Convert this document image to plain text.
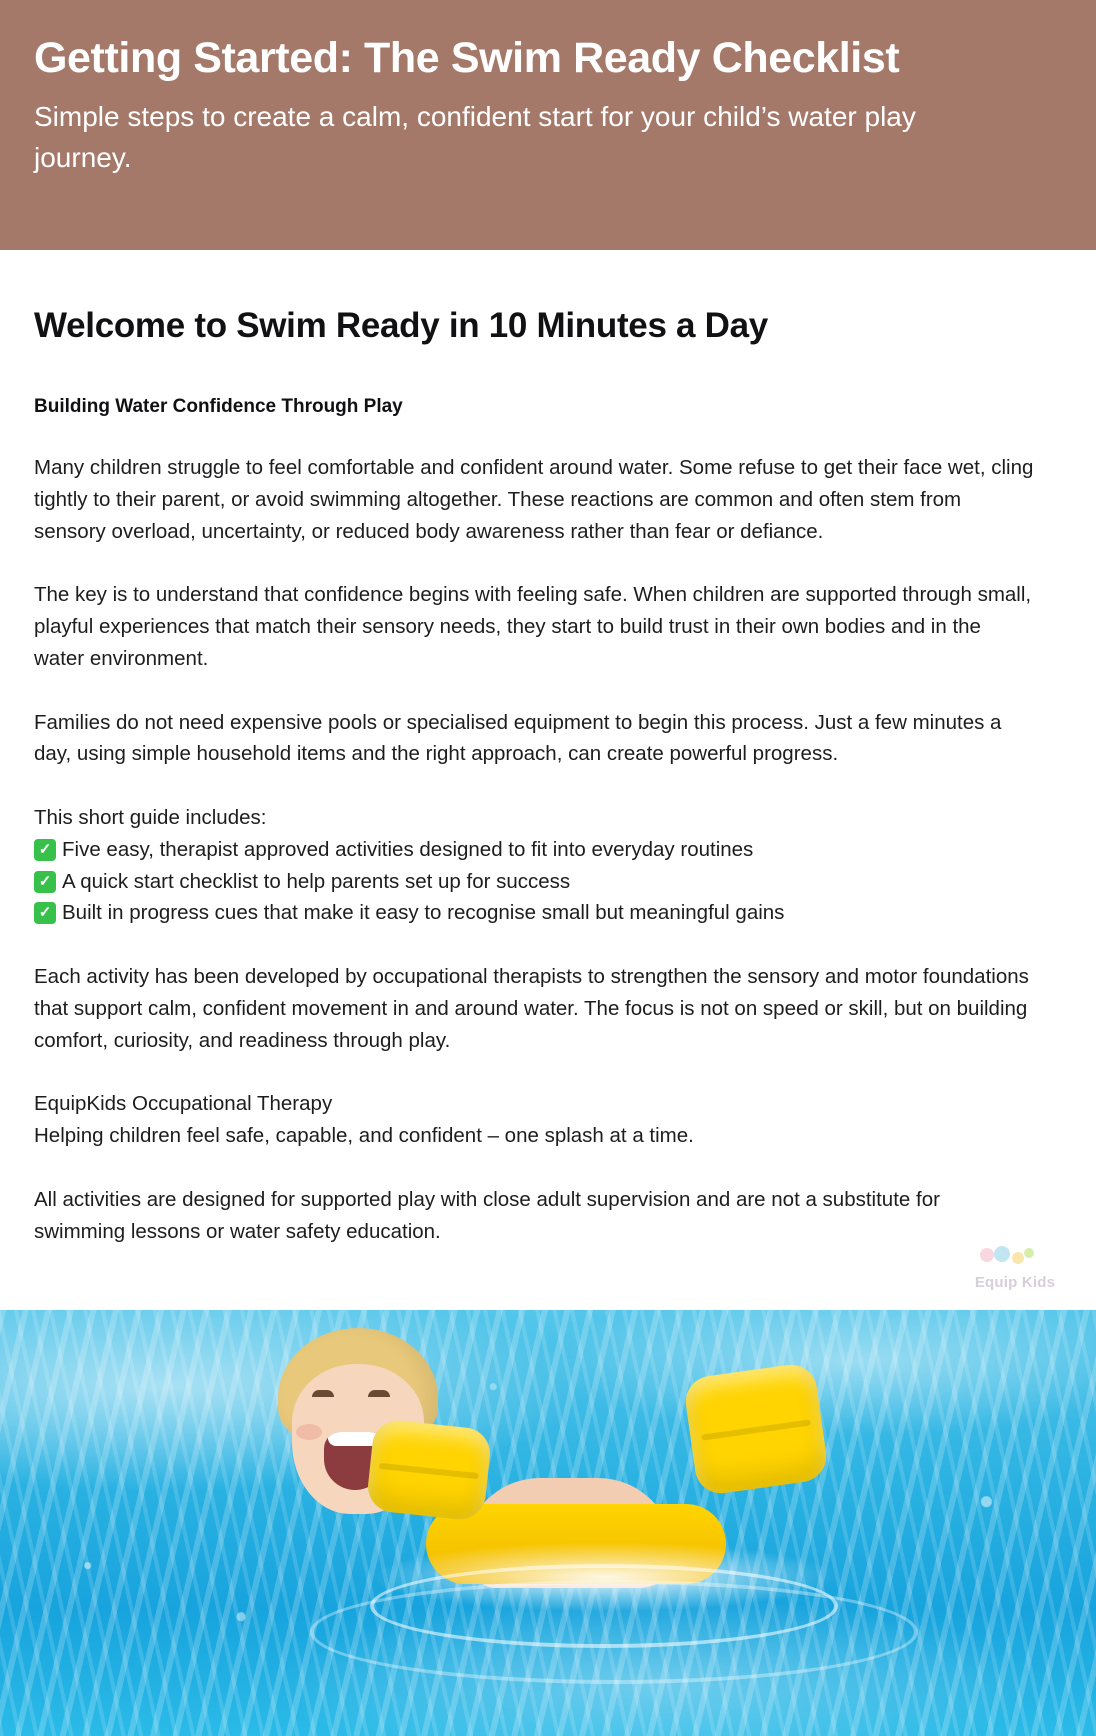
Getting Started: The Swim Ready Checklist

Simple steps to create a calm, confident start for your child’s water play journey.

Welcome to Swim Ready in 10 Minutes a Day

Building Water Confidence Through Play

Many children struggle to feel comfortable and confident around water. Some refuse to get their face wet, cling tightly to their parent, or avoid swimming altogether. These reactions are common and often stem from sensory overload, uncertainty, or reduced body awareness rather than fear or defiance.

The key is to understand that confidence begins with feeling safe. When children are supported through small, playful experiences that match their sensory needs, they start to build trust in their own bodies and in the water environment.

Families do not need expensive pools or specialised equipment to begin this process. Just a few minutes a day, using simple household items and the right approach, can create powerful progress.

This short guide includes:

✓ Five easy, therapist approved activities designed to fit into everyday routines
✓ A quick start checklist to help parents set up for success
✓ Built in progress cues that make it easy to recognise small but meaningful gains

Each activity has been developed by occupational therapists to strengthen the sensory and motor foundations that support calm, confident movement in and around water. The focus is not on speed or skill, but on building comfort, curiosity, and readiness through play.

EquipKids Occupational Therapy
Helping children feel safe, capable, and confident – one splash at a time.

All activities are designed for supported play with close adult supervision and are not a substitute for swimming lessons or water safety education.

Equip Kids
